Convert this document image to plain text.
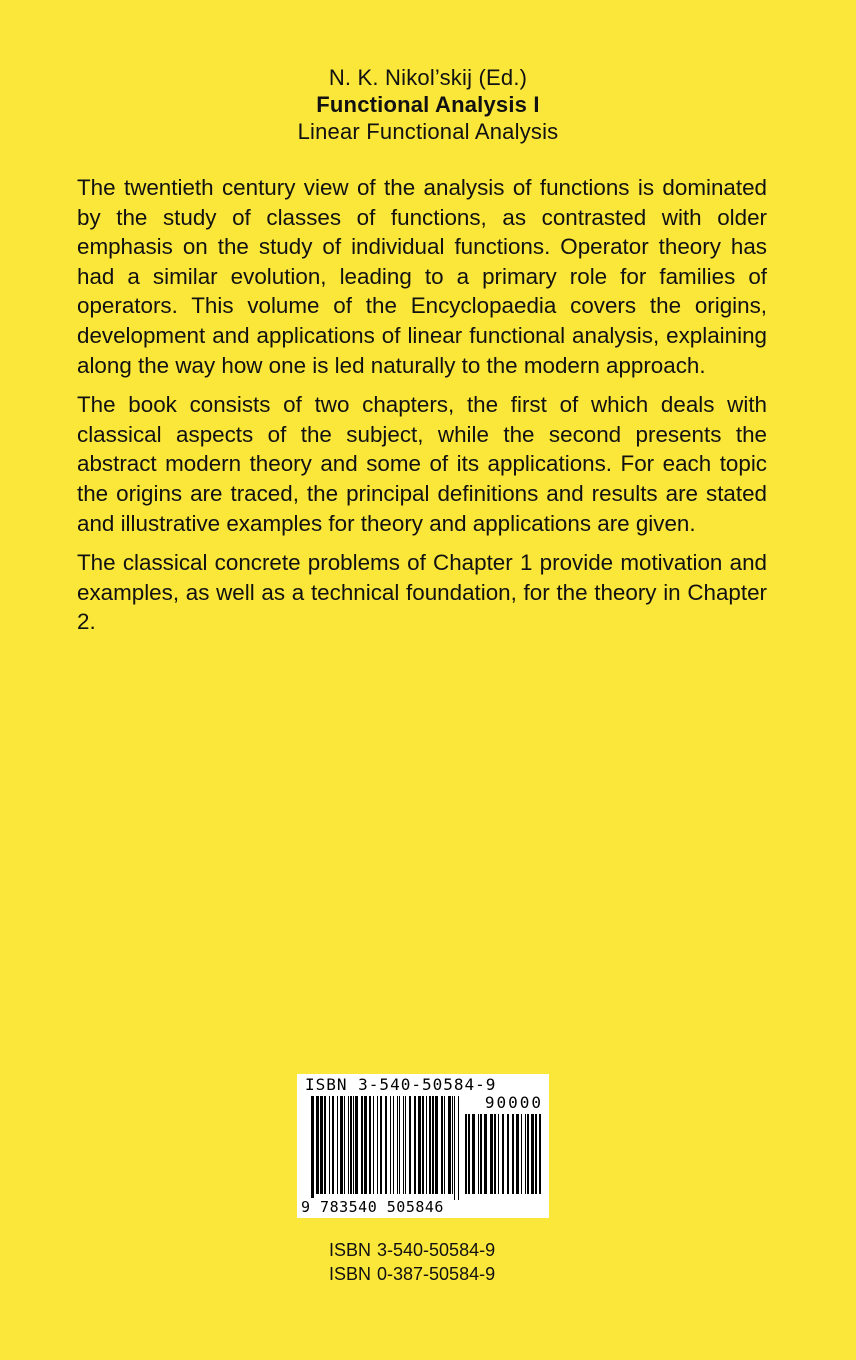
N. K. Nikol’skij (Ed.)
Functional Analysis I
Linear Functional Analysis

The twentieth century view of the analysis of functions is dominated by the study of classes of functions, as contrasted with older emphasis on the study of individual functions. Operator theory has had a similar evolution, leading to a primary role for families of operators. This volume of the Encyclopaedia covers the origins, development and applications of linear functional analysis, explaining along the way how one is led naturally to the modern approach.

The book consists of two chapters, the first of which deals with classical aspects of the subject, while the second presents the abstract modern theory and some of its applications. For each topic the origins are traced, the principal definitions and results are stated and illustrative examples for theory and applications are given.

The classical concrete problems of Chapter 1 provide motivation and examples, as well as a technical foundation, for the theory in Chapter 2.

ISBN 3-540-50584-9
90000
9 783540 505846
ISBN 3-540-50584-9
ISBN 0-387-50584-9
